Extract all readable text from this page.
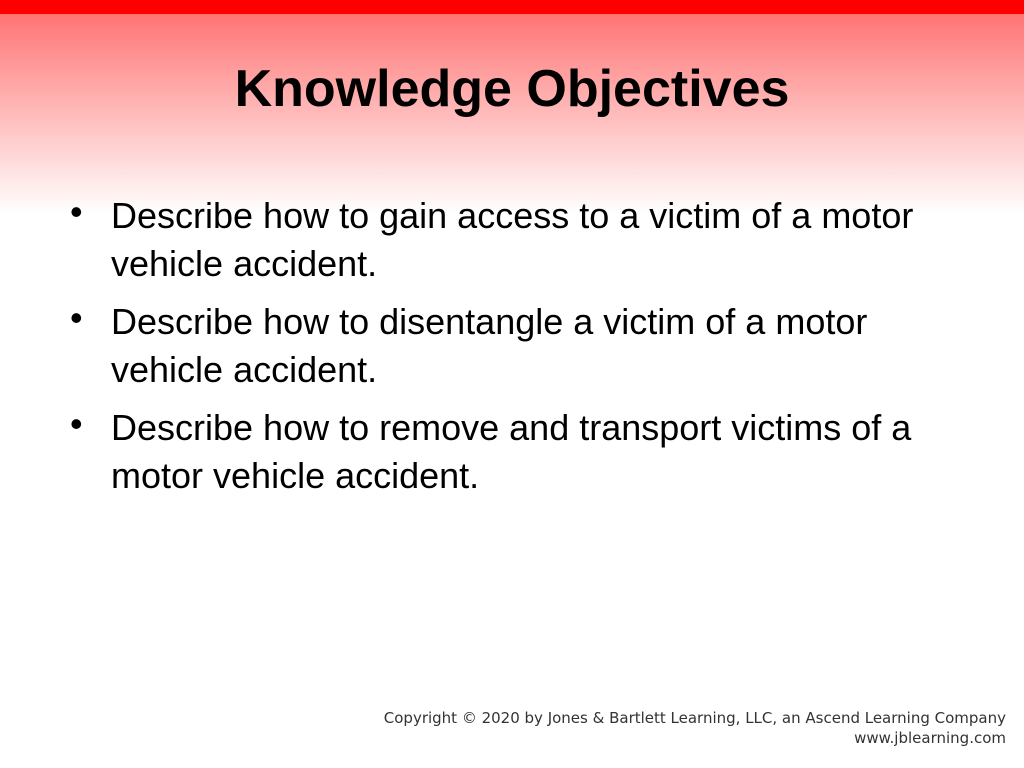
Knowledge Objectives
• Describe how to gain access to a victim of a motor vehicle accident.
• Describe how to disentangle a victim of a motor vehicle accident.
• Describe how to remove and transport victims of a motor vehicle accident.
Copyright © 2020 by Jones & Bartlett Learning, LLC, an Ascend Learning Company
www.jblearning.com
